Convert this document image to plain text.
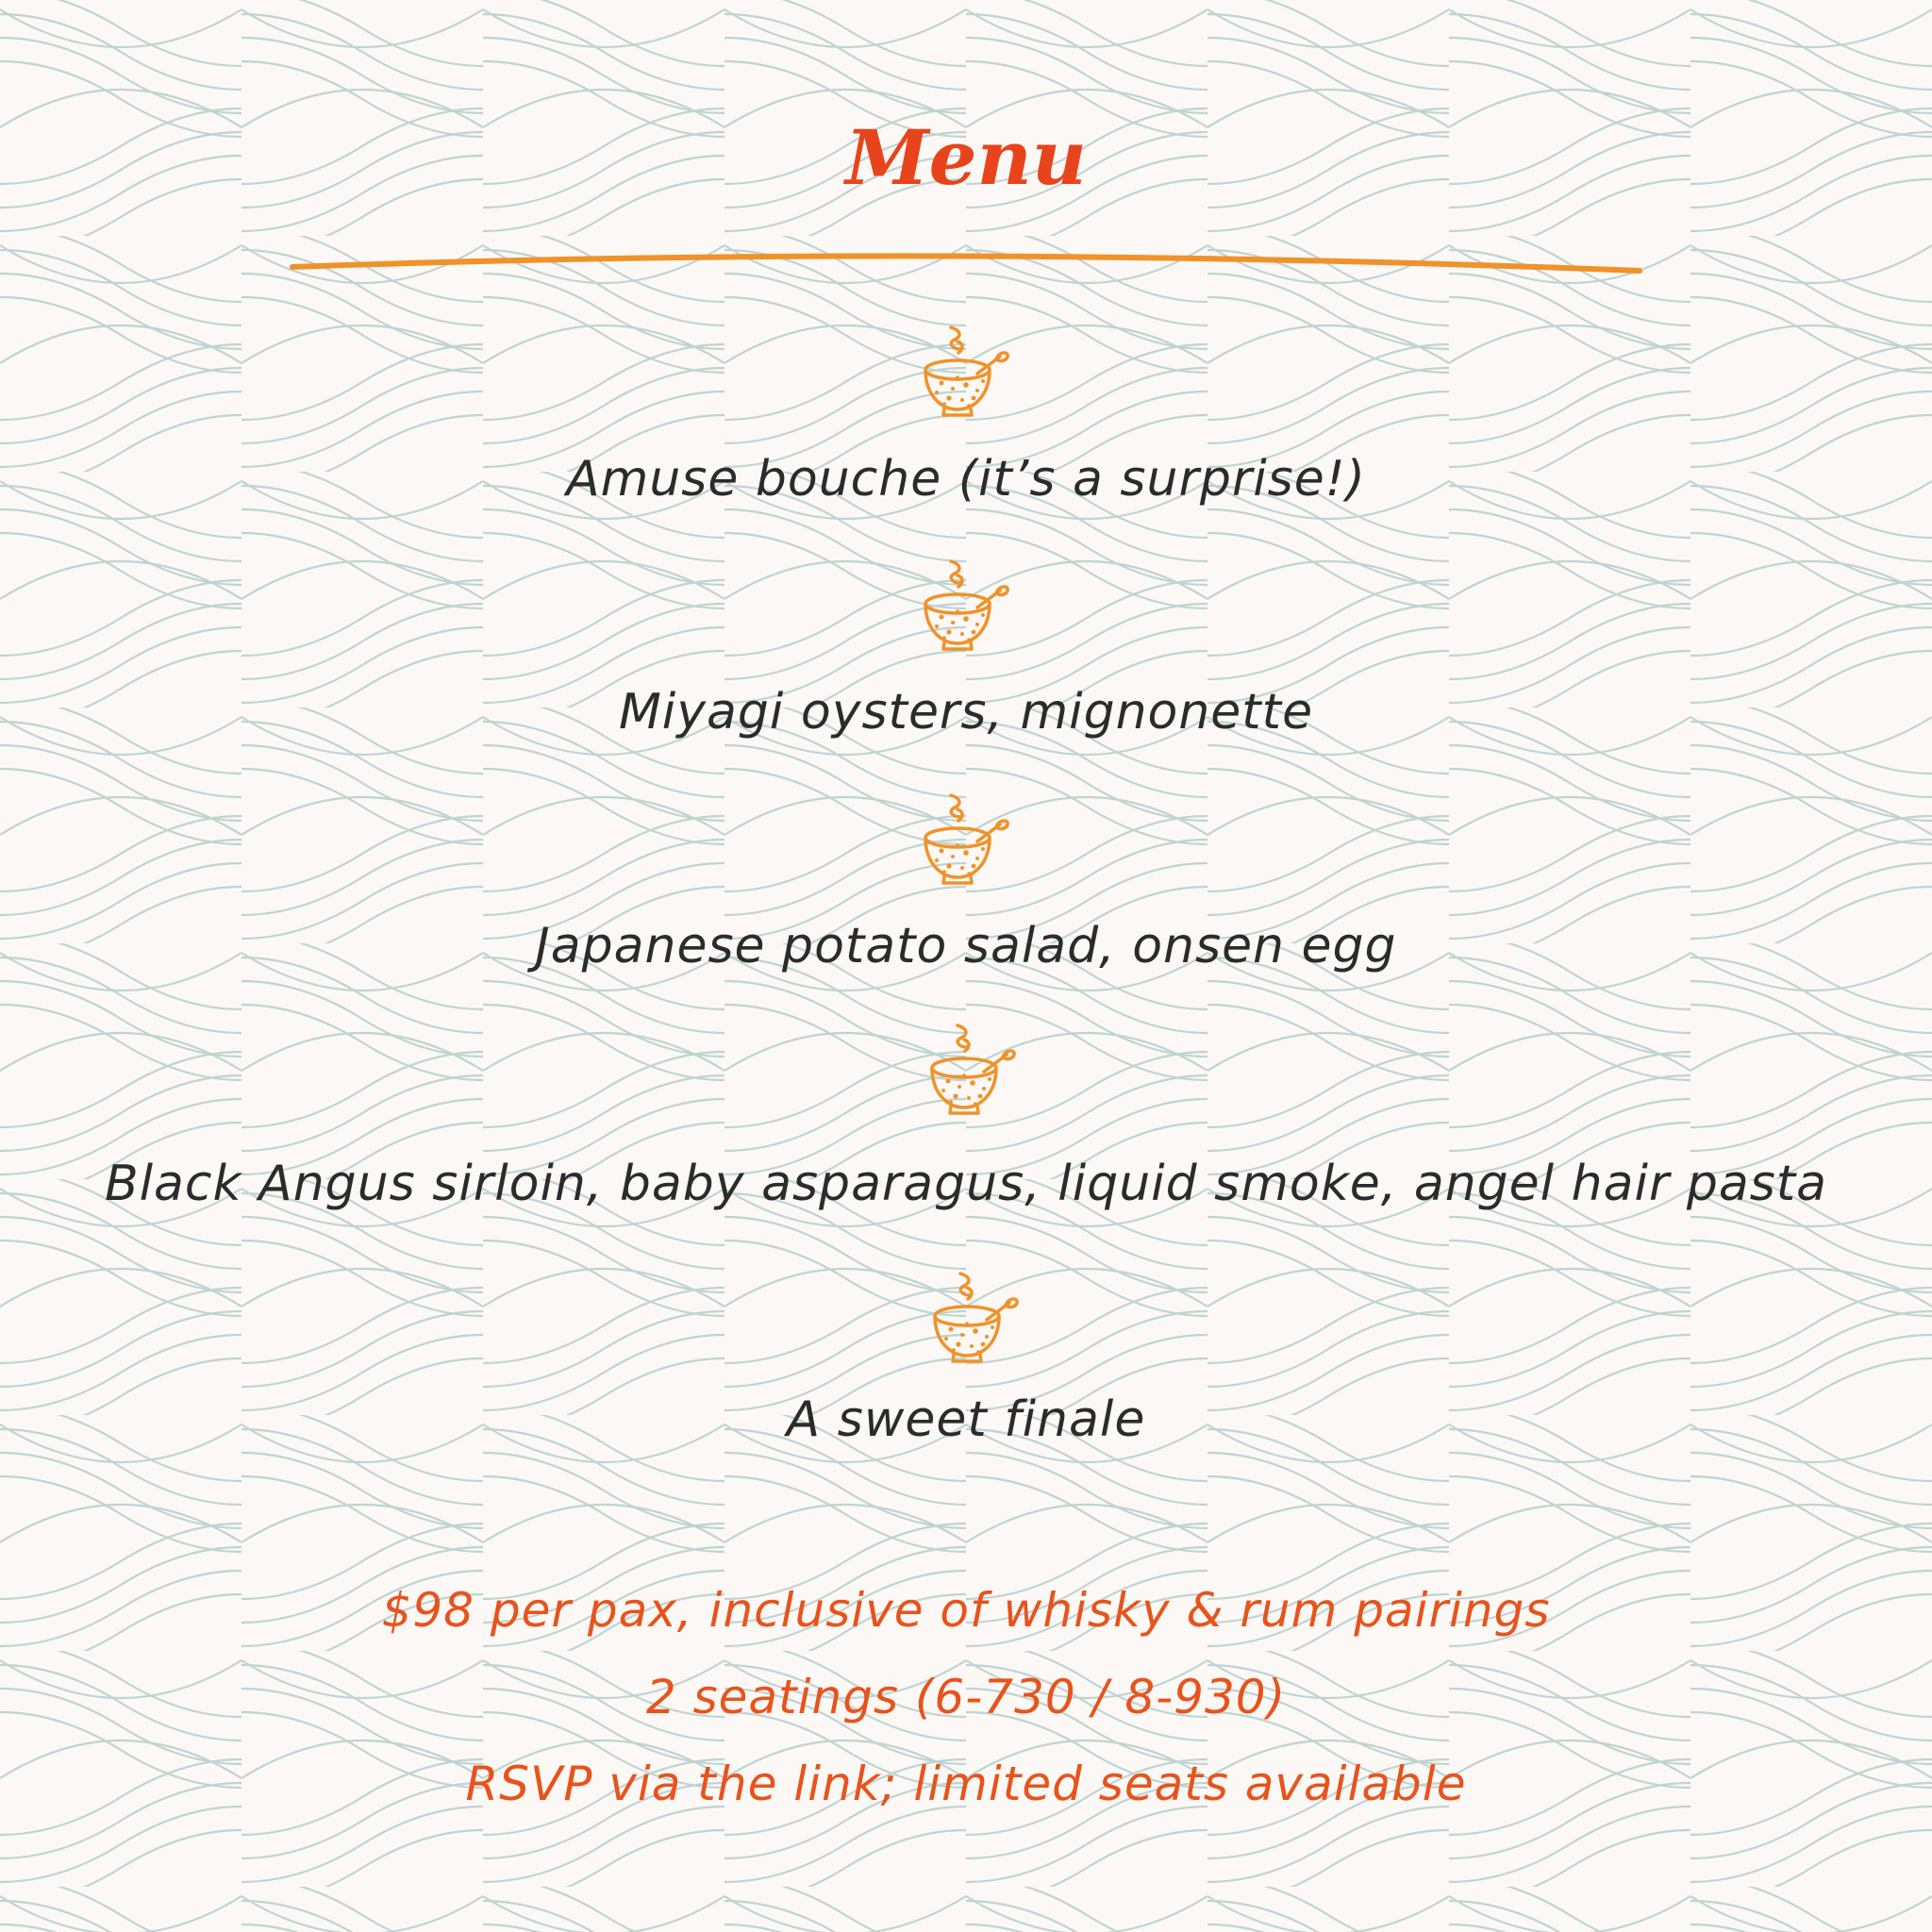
Menu
Amuse bouche (it’s a surprise!)
Miyagi oysters, mignonette
Japanese potato salad, onsen egg
Black Angus sirloin, baby asparagus, liquid smoke, angel hair pasta
A sweet finale
$98 per pax, inclusive of whisky & rum pairings
2 seatings (6-730 / 8-930)
RSVP via the link; limited seats available
